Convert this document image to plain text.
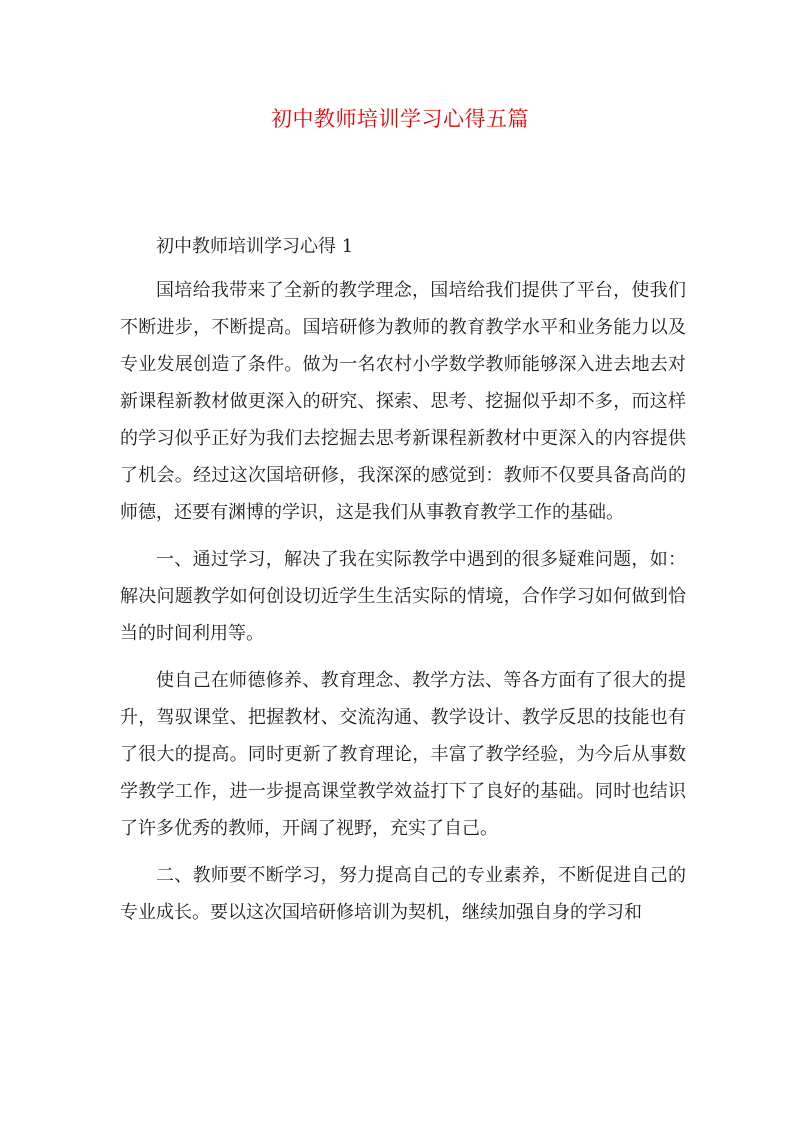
初中教师培训学习心得五篇

初中教师培训学习心得 1

国培给我带来了全新的教学理念，国培给我们提供了平台，使我们不断进步，不断提高。国培研修为教师的教育教学水平和业务能力以及专业发展创造了条件。做为一名农村小学数学教师能够深入进去地去对新课程新教材做更深入的研究、探索、思考、挖掘似乎却不多，而这样的学习似乎正好为我们去挖掘去思考新课程新教材中更深入的内容提供了机会。经过这次国培研修，我深深的感觉到：教师不仅要具备高尚的师德，还要有渊博的学识，这是我们从事教育教学工作的基础。

一、通过学习，解决了我在实际教学中遇到的很多疑难问题，如：解决问题教学如何创设切近学生生活实际的情境，合作学习如何做到恰当的时间利用等。

使自己在师德修养、教育理念、教学方法、等各方面有了很大的提升，驾驭课堂、把握教材、交流沟通、教学设计、教学反思的技能也有了很大的提高。同时更新了教育理论，丰富了教学经验，为今后从事数学教学工作，进一步提高课堂教学效益打下了良好的基础。同时也结识了许多优秀的教师，开阔了视野，充实了自己。

二、教师要不断学习，努力提高自己的专业素养，不断促进自己的专业成长。要以这次国培研修培训为契机，继续加强自身的学习和
